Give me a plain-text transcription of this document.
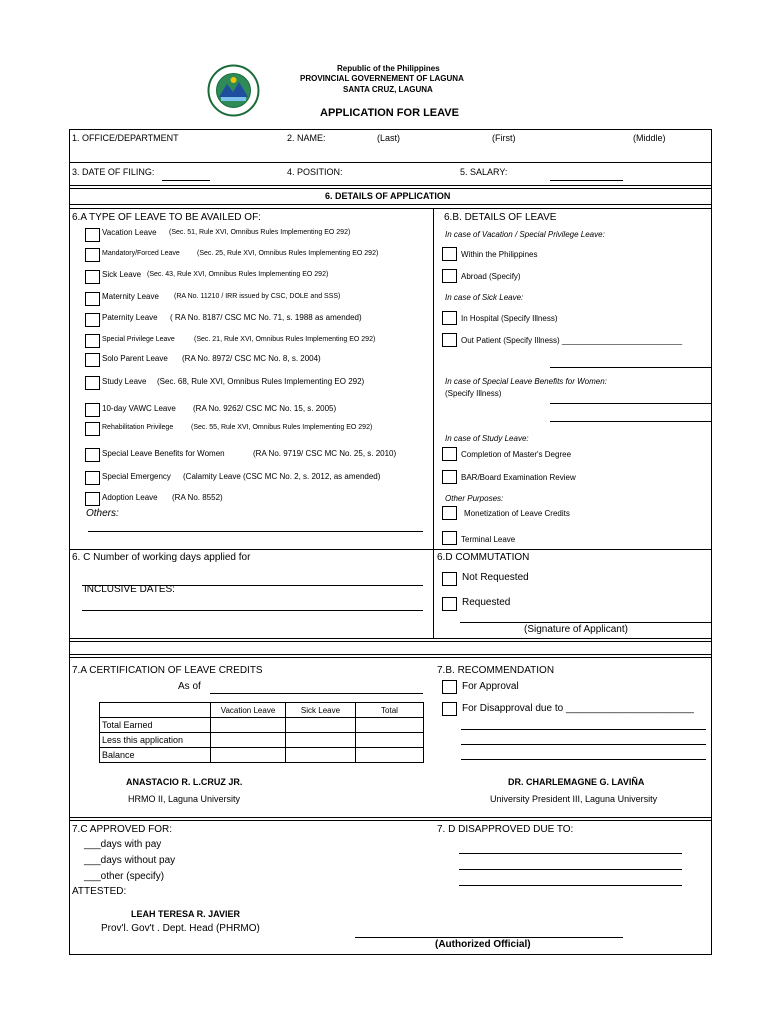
Republic of the Philippines
PROVINCIAL GOVERNEMENT OF LAGUNA
SANTA CRUZ, LAGUNA
APPLICATION FOR LEAVE
1. OFFICE/DEPARTMENT	2. NAME:	(Last)	(First)	(Middle)
3. DATE OF FILING:	4. POSITION:	5. SALARY:
6. DETAILS OF APPLICATION
6.A TYPE OF LEAVE TO BE AVAILED OF:
Vacation Leave (Sec. 51, Rule XVI, Omnibus Rules Implementing EO 292)
Mandatory/Forced Leave (Sec. 25, Rule XVI, Omnibus Rules Implementing EO 292)
Sick Leave (Sec. 43, Rule XVI, Omnibus Rules Implementing EO 292)
Maternity Leave (RA No. 11210 / IRR issued by CSC, DOLE and SSS)
Paternity Leave ( RA No. 8187/ CSC MC No. 71, s. 1988 as amended)
Special Privilege Leave	(Sec. 21, Rule XVI, Omnibus Rules Implementing EO 292)
Solo Parent Leave (RA No. 8972/ CSC MC No. 8, s. 2004)
Study Leave (Sec. 68, Rule XVI, Omnibus Rules Implementing EO 292)
10-day VAWC Leave (RA No. 9262/ CSC MC No. 15, s. 2005)
Rehabilitation Privilege	(Sec. 55, Rule XVI, Omnibus Rules Implementing EO 292)
Special Leave Benefits for Women	(RA No. 9719/ CSC MC No. 25, s. 2010)
Special Emergency (Calamity Leave (CSC MC No. 2, s. 2012, as amended)
Adoption Leave (RA No. 8552)
Others:
6.B. DETAILS OF LEAVE
In case of Vacation / Special Privilege Leave:
Within the Philippines
Abroad (Specify)
In case of Sick Leave:
In Hospital (Specify Illness)
Out Patient (Specify Illness) ___________________________
In case of Special Leave Benefits for Women:
(Specify Illness)
In case of Study Leave:
Completion of Master's Degree
BAR/Board Examination Review
Other Purposes:
Monetization of Leave Credits
Terminal Leave
6. C Number of working days applied for
INCLUSIVE DATES:
6.D COMMUTATION
Not Requested
Requested
(Signature of Applicant)
7.A CERTIFICATION OF LEAVE CREDITS
As of
	Vacation Leave	Sick Leave	Total
Total Earned			
Less this application			
Balance			
ANASTACIO R. L.CRUZ JR.
HRMO II, Laguna University
7.B. RECOMMENDATION
For Approval
For Disapproval due to _______________________
DR. CHARLEMAGNE G. LAVIÑA
University President III, Laguna University
7.C APPROVED FOR:
___days with pay
___days without pay
___other (specify)
ATTESTED:
LEAH TERESA R. JAVIER
Prov'l. Gov't . Dept. Head (PHRMO)
7. D DISAPPROVED DUE TO:
(Authorized Official)
